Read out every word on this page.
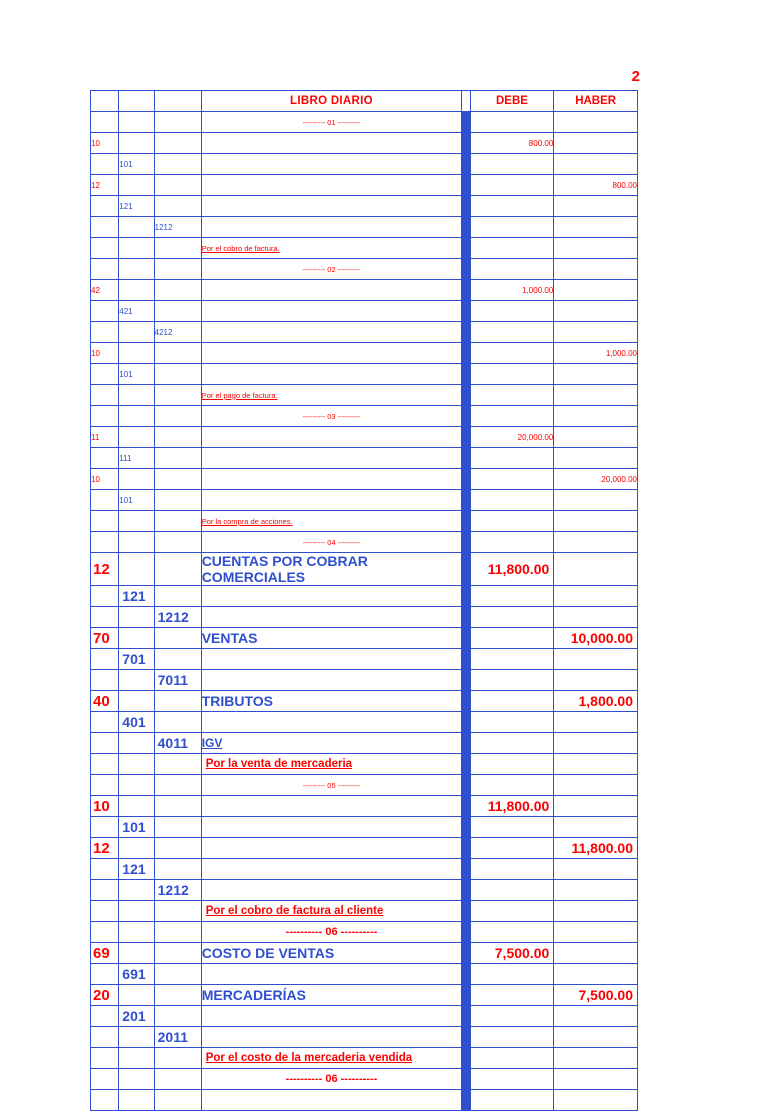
2
			LIBRO DIARIO		DEBE	HABER
			--------- 01 ---------			
10					800.00	
	101					
12						800.00
	121					
		1212				
			Por el cobro de factura.			
			--------- 02 ---------			
42					1,000.00	
	421					
		4212				
10						1,000.00
	101					
			Por el pago de factura.			
			--------- 03 ---------			
11					20,000.00	
	111					
10						20,000.00
	101					
			Por la compra de acciones.			
			--------- 04 ---------			
12			CUENTAS POR COBRAR COMERCIALES		11,800.00	
	121					
		1212				
70			VENTAS			10,000.00
	701					
		7011				
40			TRIBUTOS			1,800.00
	401					
		4011	IGV			
			Por la venta de mercaderia			
			--------- 05 ---------			
10					11,800.00	
	101					
12						11,800.00
	121					
		1212				
			Por el cobro de factura al cliente			
			---------- 06 ----------			
69			COSTO DE VENTAS		7,500.00	
	691					
20			MERCADERÍAS			7,500.00
	201					
		2011				
			Por el costo de la mercaderia vendida			
			---------- 06 ----------			
